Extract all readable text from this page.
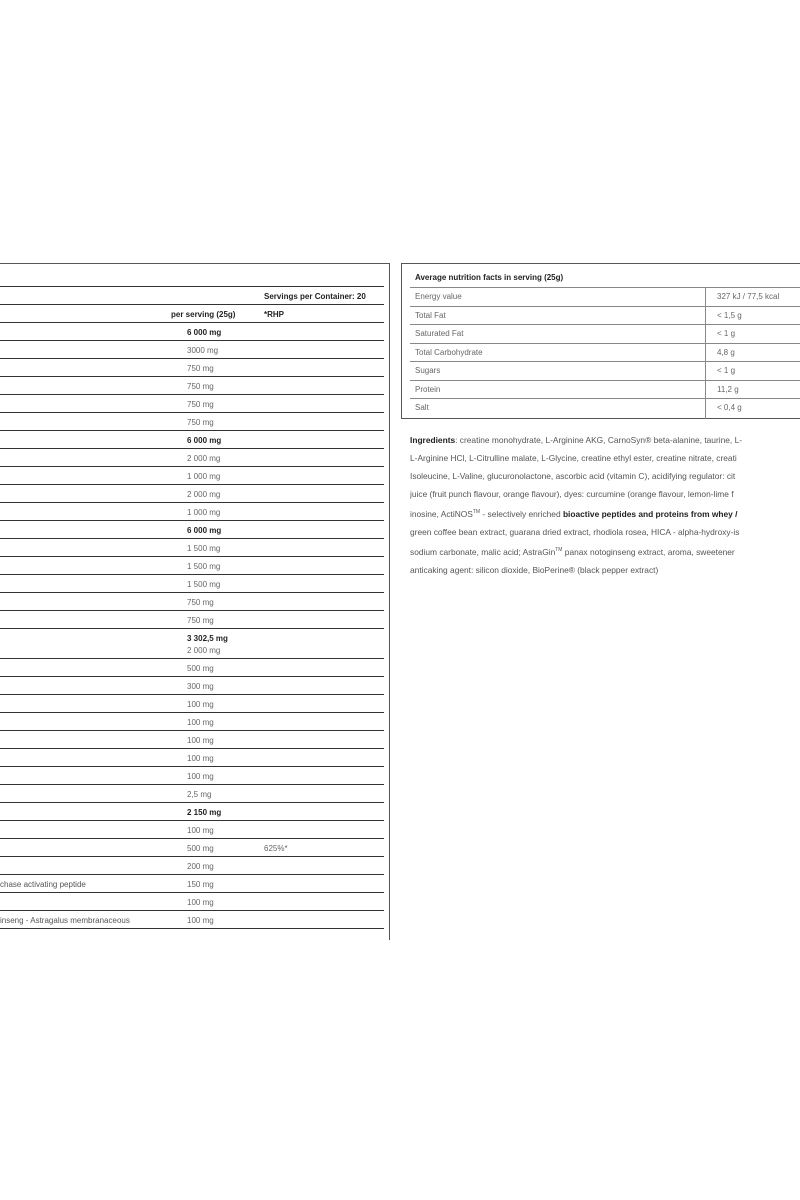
Servings per Container: 20
per serving (25g)	*RHP
6 000 mg
3000 mg
750 mg
750 mg
750 mg
750 mg
6 000 mg
2 000 mg
1 000 mg
2 000 mg
1 000 mg
6 000 mg
1 500 mg
1 500 mg
1 500 mg
750 mg
750 mg
3 302,5 mg
2 000 mg
500 mg
300 mg
100 mg
100 mg
100 mg
100 mg
100 mg
2,5 mg
2 150 mg
100 mg
500 mg	625%*
200 mg
chase activating peptide	150 mg
100 mg
inseng - Astragalus membranaceous	100 mg
Average nutrition facts in serving (25g)
Energy value	327 kJ / 77,5 kcal
Total Fat	< 1,5 g
Saturated Fat	< 1 g
Total Carbohydrate	4,8 g
Sugars	< 1 g
Protein	11,2 g
Salt	< 0,4 g
Ingredients: creatine monohydrate, L-Arginine AKG, CarnoSyn® beta-alanine, taurine, L-
L-Arginine HCl, L-Citrulline malate, L-Glycine, creatine ethyl ester, creatine nitrate, creati
Isoleucine, L-Valine, glucuronolactone, ascorbic acid (vitamin C), acidifying regulator: cit
juice (fruit punch flavour, orange flavour), dyes: curcumine (orange flavour, lemon-lime f
inosine, ActiNOS™ - selectively enriched bioactive peptides and proteins from whey /
green coffee bean extract, guarana dried extract, rhodiola rosea, HICA - alpha-hydroxy-is
sodium carbonate, malic acid; AstraGin™ panax notoginseng extract, aroma, sweetener
anticaking agent: silicon dioxide, BioPerine® (black pepper extract)
